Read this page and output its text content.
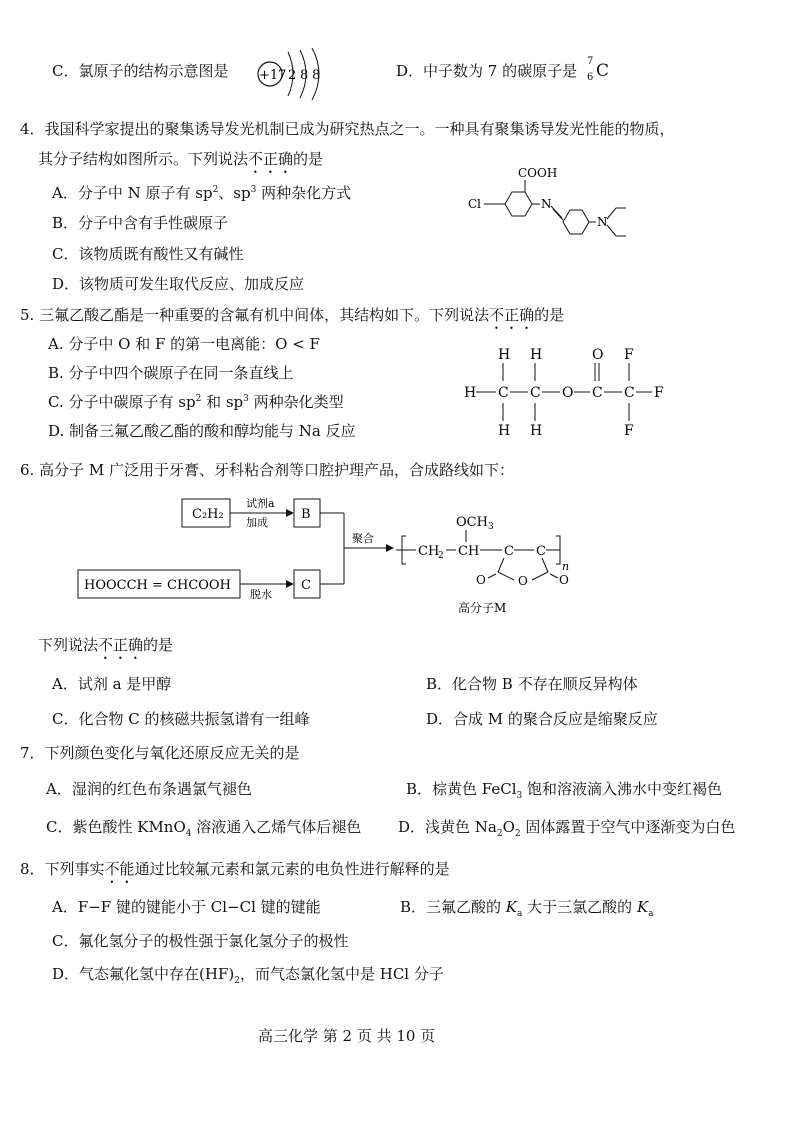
C．氯原子的结构示意图是 +17 2 8 8	D．中子数为 7 的碳原子是
7
6 C
4．我国科学家提出的聚集诱导发光机制已成为研究热点之一。一种具有聚集诱导发光性能的物质，
其分子结构如图所示。下列说法不正确的是
A．分子中 N 原子有 $sp^2$、$sp^3$ 两种杂化方式
B．分子中含有手性碳原子
C．该物质既有酸性又有碱性
D．该物质可发生取代反应、加成反应
COOH
Cl	N
N
5. 三氟乙酸乙酯是一种重要的含氟有机中间体，其结构如下。下列说法不正确的是
A. 分子中 O 和 F 的第一电离能：O < F
B. 分子中四个碳原子在同一条直线上
C. 分子中碳原子有 $sp^2$ 和 $sp^3$ 两种杂化类型
D. 制备三氟乙酸乙酯的酸和醇均能与 Na 反应
H H	O F
H C C O C C F
H H	F
6. 高分子 M 广泛用于牙膏、牙科粘合剂等口腔护理产品，合成路线如下：
C₂H₂
试剂a
加成
B
HOOCCH = CHCOOH
脱水
C
聚合
OCH 3
CH
2 CH C C
n
O
O	O
高分子M
下列说法不正确的是
A．试剂 a 是甲醇	B．化合物 B 不存在顺反异构体
C．化合物 C 的核磁共振氢谱有一组峰	D．合成 M 的聚合反应是缩聚反应
7．下列颜色变化与氧化还原反应无关的是
A．湿润的红色布条遇氯气褪色	B．棕黄色 FeCl$_3$ 饱和溶液滴入沸水中变红褐色
C．紫色酸性 KMnO$_4$ 溶液通入乙烯气体后褪色 D．浅黄色 $Na_2O_2$ 固体露置于空气中逐渐变为白色
8．下列事实不能通过比较氟元素和氯元素的电负性进行解释的是
A．F−F 键的键能小于 Cl−Cl 键的键能	B．三氟乙酸的 $K_a$ 大于三氯乙酸的 $K_a$
C．氟化氢分子的极性强于氯化氢分子的极性
D．气态氟化氢中存在$(HF)_2$，而气态氯化氢中是 HCl 分子
高三化学 第 2 页 共 10 页
